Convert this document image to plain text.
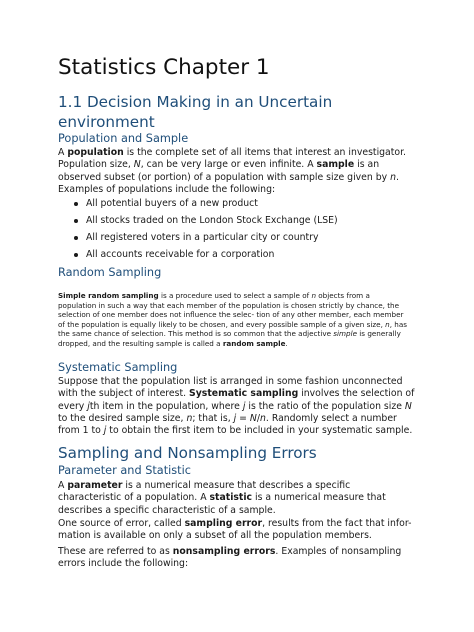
Statistics Chapter 1
1.1 Decision Making in an Uncertain environment
Population and Sample

A population is the complete set of all items that interest an investigator. Population size, N, can be very large or even infinite. A sample is an observed subset (or portion) of a population with sample size given by n.

Examples of populations include the following:

All potential buyers of a new product
All stocks traded on the London Stock Exchange (LSE)
All registered voters in a particular city or country
All accounts receivable for a corporation
Random Sampling

Simple random sampling is a procedure used to select a sample of n objects from a population in such a way that each member of the population is chosen strictly by chance, the selection of one member does not influence the selec- tion of any other member, each member of the population is equally likely to be chosen, and every possible sample of a given size, n, has the same chance of selection. This method is so common that the adjective simple is generally dropped, and the resulting sample is called a random sample.

Systematic Sampling

Suppose that the population list is arranged in some fashion unconnected with the subject of interest. Systematic sampling involves the selection of every jth item in the population, where j is the ratio of the population size N to the desired sample size, n; that is, j = N/n. Randomly select a number from 1 to j to obtain the first item to be included in your systematic sample.

Sampling and Nonsampling Errors
Parameter and Statistic

A parameter is a numerical measure that describes a specific characteristic of a population. A statistic is a numerical measure that describes a specific characteristic of a sample.

One source of error, called sampling error, results from the fact that infor- mation is available on only a subset of all the population members.

These are referred to as nonsampling errors. Examples of nonsampling errors include the following:
